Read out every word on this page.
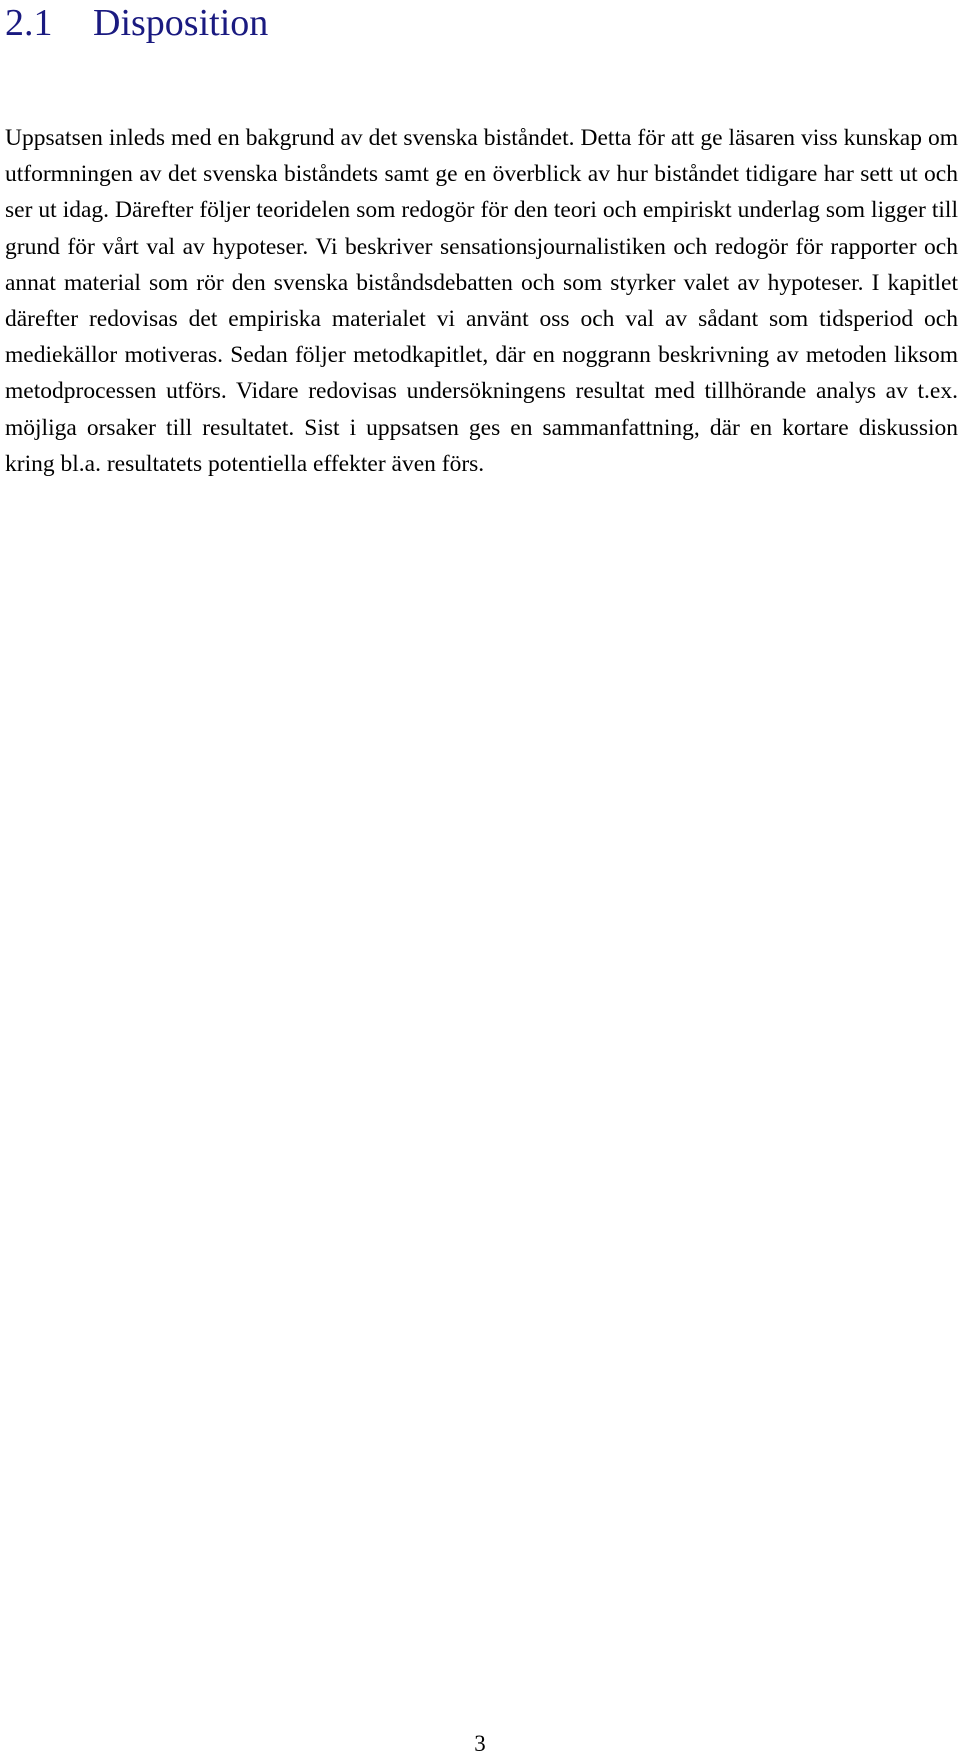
2.1 Disposition

Uppsatsen inleds med en bakgrund av det svenska biståndet. Detta för att ge läsaren viss kunskap om utformningen av det svenska biståndets samt ge en överblick av hur biståndet tidigare har sett ut och ser ut idag. Därefter följer teoridelen som redogör för den teori och empiriskt underlag som ligger till grund för vårt val av hypoteser. Vi beskriver sensationsjournalistiken och redogör för rapporter och annat material som rör den svenska biståndsdebatten och som styrker valet av hypoteser. I kapitlet därefter redovisas det empiriska materialet vi använt oss och val av sådant som tidsperiod och mediekällor motiveras. Sedan följer metodkapitlet, där en noggrann beskrivning av metoden liksom metodprocessen utförs. Vidare redovisas undersökningens resultat med tillhörande analys av t.ex. möjliga orsaker till resultatet. Sist i uppsatsen ges en sammanfattning, där en kortare diskussion kring bl.a. resultatets potentiella effekter även förs.

3
